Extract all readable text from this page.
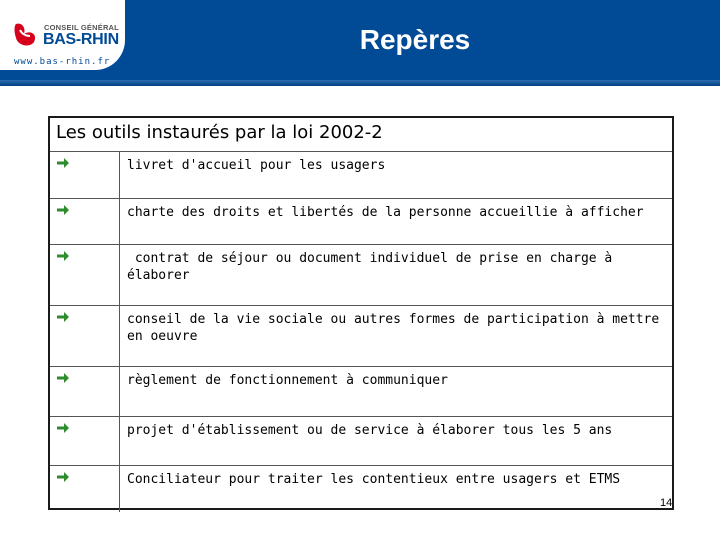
CONSEIL GÉNÉRAL
BAS-RHIN
www.bas-rhin.fr
Repères
Les outils instaurés par la loi 2002-2
livret d'accueil pour les usagers
charte des droits et libertés de la personne accueillie à afficher
contrat de séjour ou document individuel de prise en charge à élaborer
conseil de la vie sociale ou autres formes de participation à mettre en oeuvre
règlement de fonctionnement à communiquer
projet d'établissement ou de service à élaborer tous les 5 ans
Conciliateur pour traiter les contentieux entre usagers et ETMS
14
